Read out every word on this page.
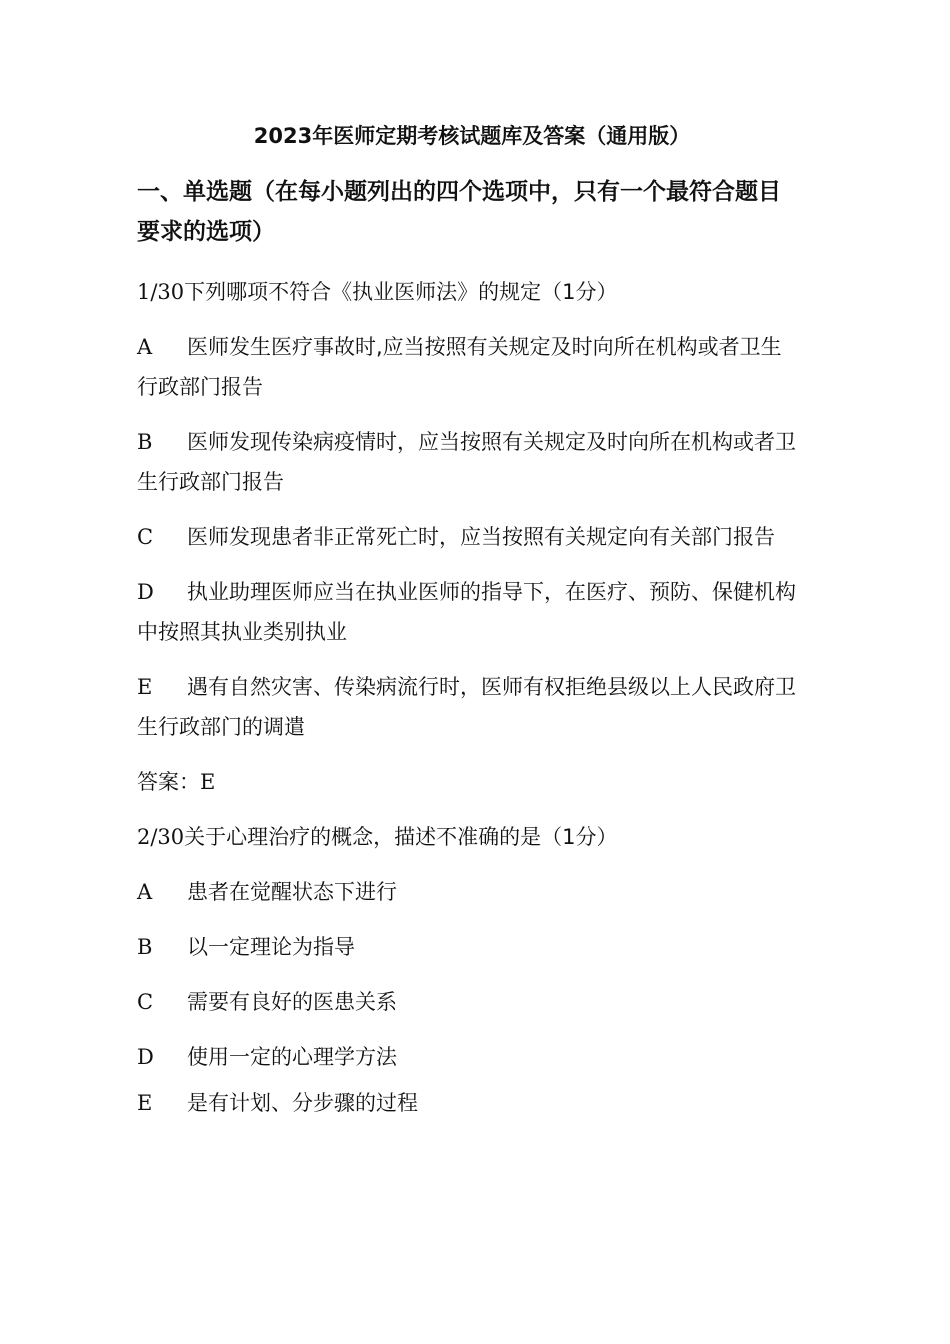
2023年医师定期考核试题库及答案（通用版）
一、单选题（在每小题列出的四个选项中，只有一个最符合题目要求的选项）
1/30下列哪项不符合《执业医师法》的规定（1分）
A 医师发生医疗事故时,应当按照有关规定及时向所在机构或者卫生行政部门报告
B 医师发现传染病疫情时，应当按照有关规定及时向所在机构或者卫生行政部门报告
C 医师发现患者非正常死亡时，应当按照有关规定向有关部门报告
D 执业助理医师应当在执业医师的指导下，在医疗、预防、保健机构中按照其执业类别执业
E 遇有自然灾害、传染病流行时，医师有权拒绝县级以上人民政府卫生行政部门的调遣
答案：E
2/30关于心理治疗的概念，描述不准确的是（1分）
A 患者在觉醒状态下进行
B 以一定理论为指导
C 需要有良好的医患关系
D 使用一定的心理学方法
E 是有计划、分步骤的过程
